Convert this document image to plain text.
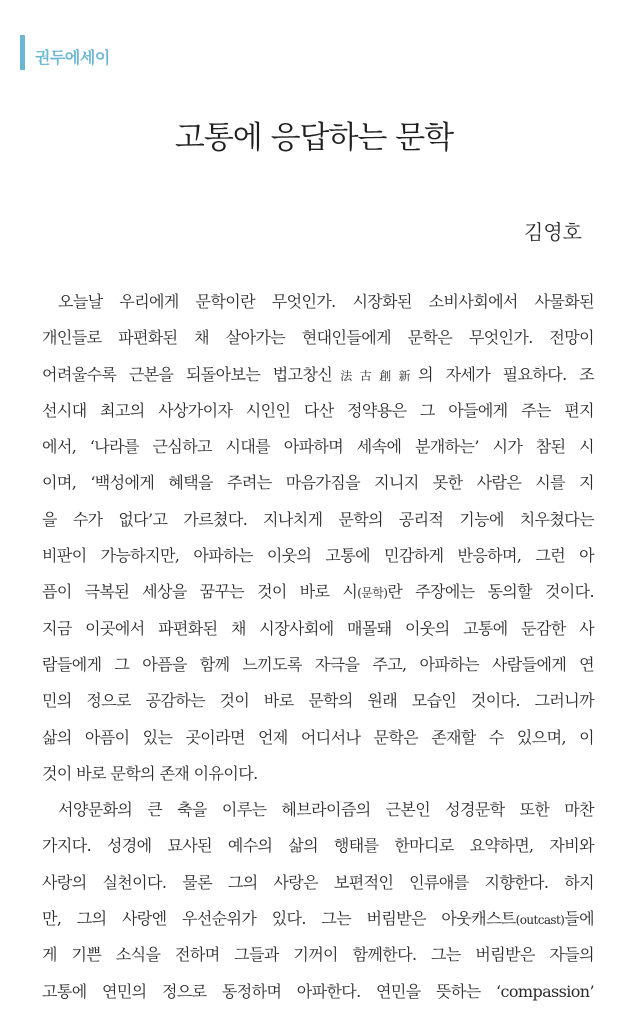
권두에세이
고통에 응답하는 문학
김영호
오늘날 우리에게 문학이란 무엇인가. 시장화된 소비사회에서 사물화된
개인들로 파편화된 채 살아가는 현대인들에게 문학은 무엇인가. 전망이
어려울수록 근본을 되돌아보는 법고창신法古創新의 자세가 필요하다. 조
선시대 최고의 사상가이자 시인인 다산 정약용은 그 아들에게 주는 편지
에서, ‘나라를 근심하고 시대를 아파하며 세속에 분개하는’ 시가 참된 시
이며, ‘백성에게 혜택을 주려는 마음가짐을 지니지 못한 사람은 시를 지
을 수가 없다’고 가르쳤다. 지나치게 문학의 공리적 기능에 치우쳤다는
비판이 가능하지만, 아파하는 이웃의 고통에 민감하게 반응하며, 그런 아
픔이 극복된 세상을 꿈꾸는 것이 바로 시(문학)란 주장에는 동의할 것이다.
지금 이곳에서 파편화된 채 시장사회에 매몰돼 이웃의 고통에 둔감한 사
람들에게 그 아픔을 함께 느끼도록 자극을 주고, 아파하는 사람들에게 연
민의 정으로 공감하는 것이 바로 문학의 원래 모습인 것이다. 그러니까
삶의 아픔이 있는 곳이라면 언제 어디서나 문학은 존재할 수 있으며, 이
것이 바로 문학의 존재 이유이다.
서양문화의 큰 축을 이루는 헤브라이즘의 근본인 성경문학 또한 마찬
가지다. 성경에 묘사된 예수의 삶의 행태를 한마디로 요약하면, 자비와
사랑의 실천이다. 물론 그의 사랑은 보편적인 인류애를 지향한다. 하지
만, 그의 사랑엔 우선순위가 있다. 그는 버림받은 아웃캐스트(outcast)들에
게 기쁜 소식을 전하며 그들과 기꺼이 함께한다. 그는 버림받은 자들의
고통에 연민의 정으로 동정하며 아파한다. 연민을 뜻하는 ‘compassion’
